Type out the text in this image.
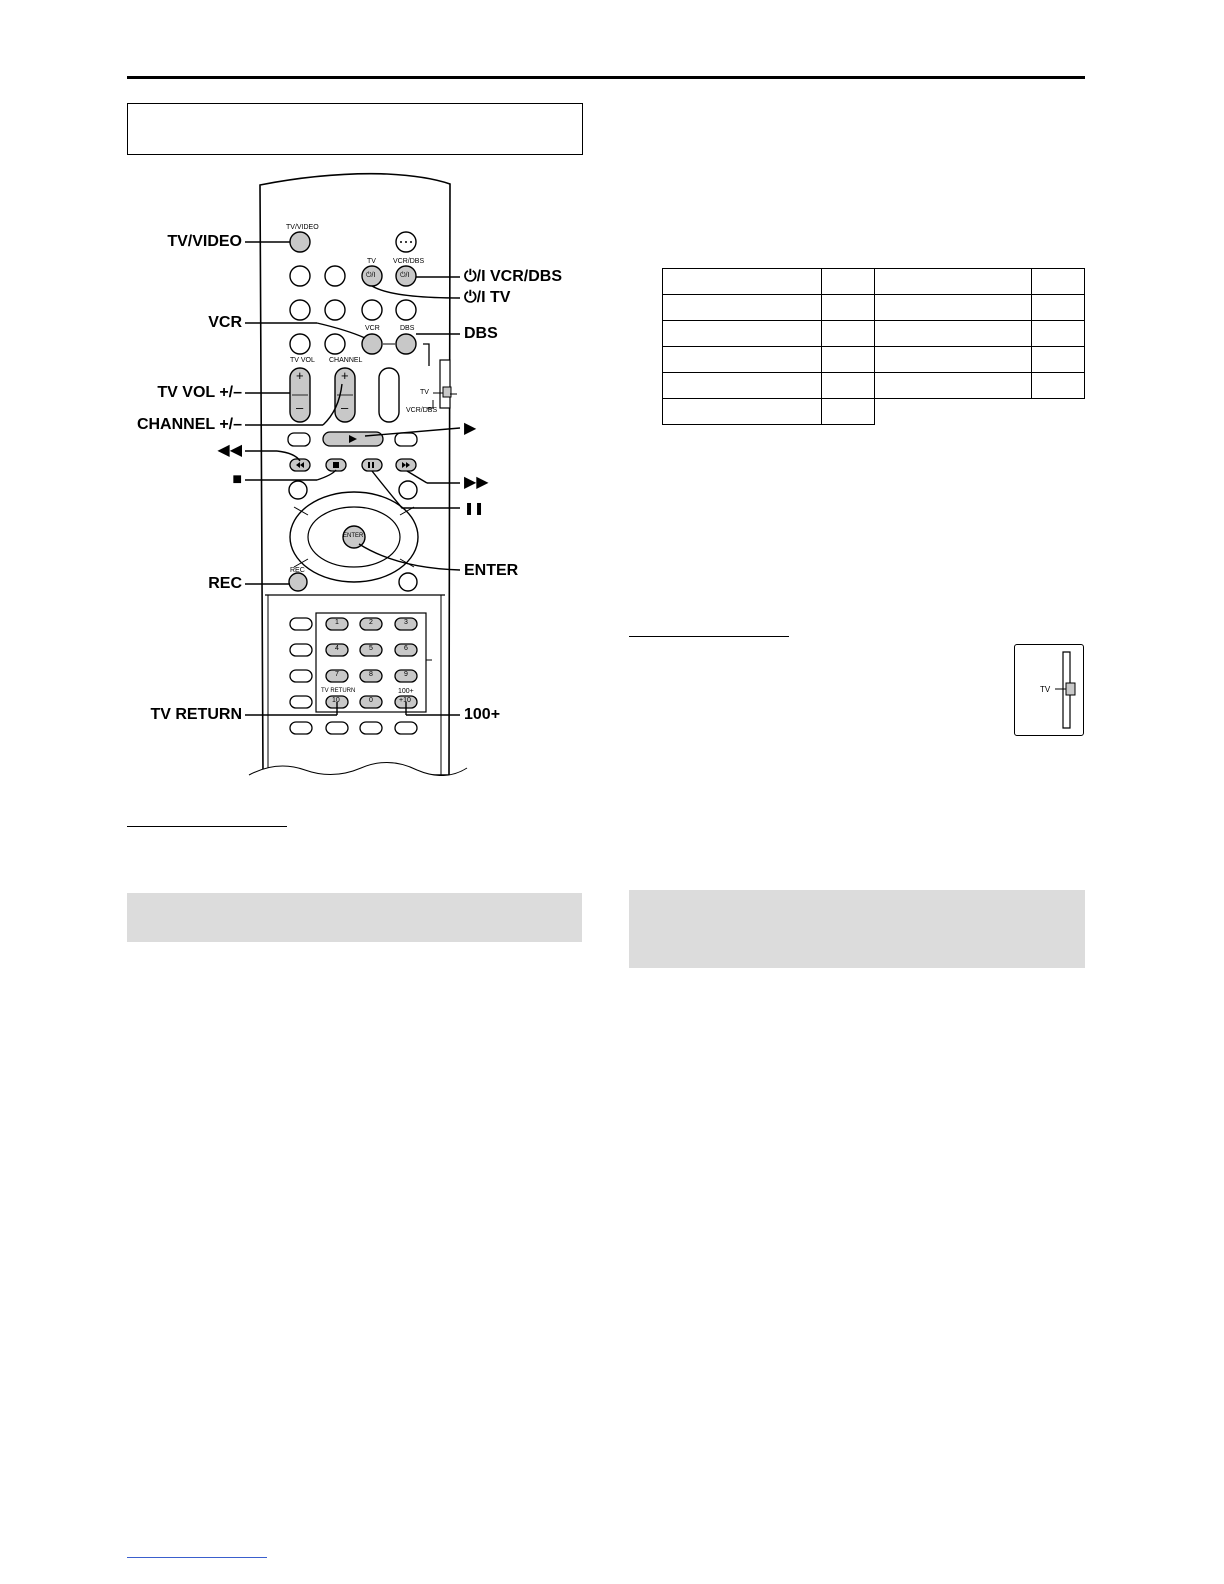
TV/VIDEO
TV VCR/DBS
⏻/I	⏻/I
VCR	DBS
TV VOL CHANNEL
+
–
+
–
TV
VCR/DBS
ENTER
REC
TV RETURN	100+
1	2	3
4	5	6
7	8	9
10	0	+10
TV/VIDEO
VCR
TV VOL +/–
CHANNEL +/–
◀◀
■
REC
TV RETURN
⏻/I VCR/DBS
⏻/I TV
DBS
▶
▶▶
❚❚
ENTER
100+

TV
